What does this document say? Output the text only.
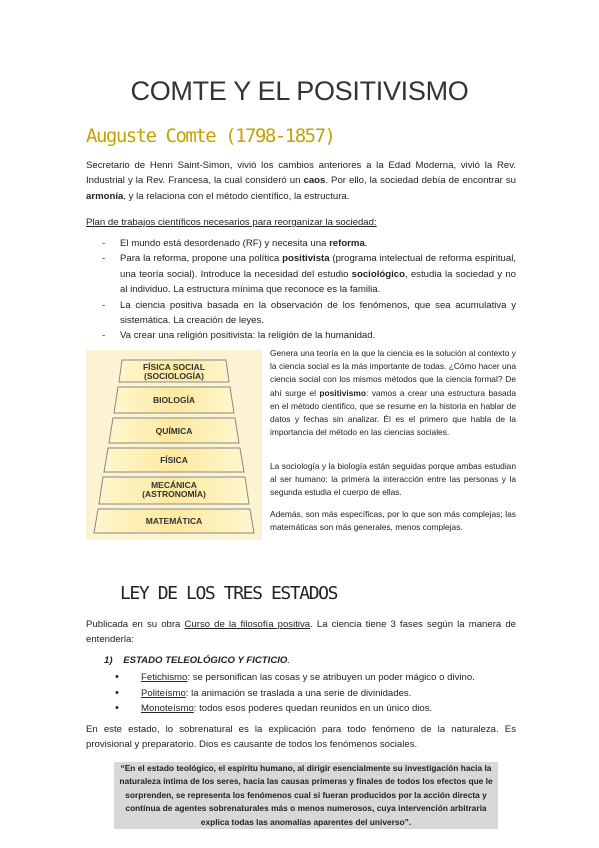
COMTE Y EL POSITIVISMO
Auguste Comte (1798-1857)
Secretario de Henri Saint-Simon, vivió los cambios anteriores a la Edad Moderna, vivió la Rev. Industrial y la Rev. Francesa, la cual consideró un caos. Por ello, la sociedad debía de encontrar su armonía, y la relaciona con el método científico, la estructura.
Plan de trabajos científicos necesarios para reorganizar la sociedad:
- El mundo está desordenado (RF) y necesita una reforma.
- Para la reforma, propone una política positivista (programa intelectual de reforma espiritual, una teoría social). Introduce la necesidad del estudio sociológico, estudia la sociedad y no al individuo. La estructura mínima que reconoce es la familia.
- La ciencia positiva basada en la observación de los fenómenos, que sea acumulativa y sistemática. La creación de leyes.
- Va crear una religión positivista: la religión de la humanidad.
FÍSICA SOCIAL
(SOCIOLOGÍA)
BIOLOGÍA
QUÍMICA
FÍSICA
MECÁNICA
(ASTRONOMÍA)
MATEMÁTICA
Genera una teoría en la que la ciencia es la solución al contexto y la ciencia social es la más importante de todas. ¿Cómo hacer una ciencia social con los mismos métodos que la ciencia formal? De ahí surge el positivismo: vamos a crear una estructura basada en el método científico, que se resume en la historia en hablar de datos y fechas sin analizar. Él es el primero que habla de la importancia del método en las ciencias sociales.
La sociología y la biología están seguidas porque ambas estudian al ser humano: la primera la interacción entre las personas y la segunda estudia el cuerpo de ellas.
Además, son más específicas, por lo que son más complejas; las matemáticas son más generales, menos complejas.
LEY DE LOS TRES ESTADOS
Publicada en su obra Curso de la filosofía positiva. La ciencia tiene 3 fases según la manera de entenderla:
1) ESTADO TELEOLÓGICO Y FICTICIO.
• Fetichismo: se personifican las cosas y se atribuyen un poder mágico o divino.
• Politeísmo: la animación se traslada a una serie de divinidades.
• Monoteísmo: todos esos poderes quedan reunidos en un único dios.
En este estado, lo sobrenatural es la explicación para todo fenómeno de la naturaleza. Es provisional y preparatorio. Dios es causante de todos los fenómenos sociales.
“En el estado teológico, el espíritu humano, al dirigir esencialmente su investigación hacia la naturaleza íntima de los seres, hacia las causas primeras y finales de todos los efectos que le sorprenden, se representa los fenómenos cual si fueran producidos por la acción directa y continua de agentes sobrenaturales más o menos numerosos, cuya intervención arbitraria explica todas las anomalías aparentes del universo”.
